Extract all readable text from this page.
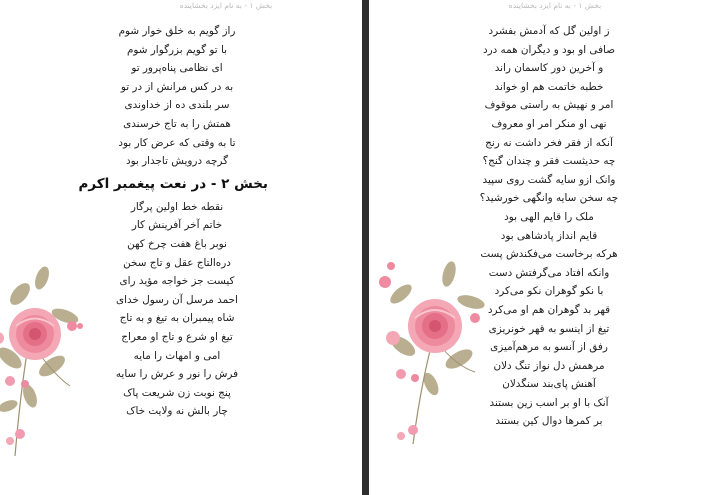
بخش ۱ - به نام ایزد بخشاینده
راز گویم به خلق خوار شوم
با تو گویم بزرگوار شوم
ای نظامی پناه‌پرور تو
به در کس مرانش از در تو
سر بلندی ده از خداوندی
همتش را به تاج خرسندی
تا به وقتی که عرض کار بود
گرچه درویش تاجدار بود
بخش ۲ - در نعت پیغمبر اکرم
نقطه خط اولین پرگار
خاتم آخر آفرینش کار
نوبر باغ هفت چرخ کهن
دره‌التاج عقل و تاج سخن
کیست جز خواجه مؤید رای
احمد مرسل آن رسول خدای
شاه پیمبران به تیغ و به تاج
تیغ او شرع و تاج او معراج
امی و امهات را مایه
فرش را نور و عرش را سایه
پنج نوبت زن شریعت پاک
چار بالش نه ولایت خاک
بخش ۱ - به نام ایزد بخشاینده
ز اولین گل که آدمش بفشرد
صافی او بود و دیگران همه درد
و آخرین دور کاسمان راند
خطبه خاتمت هم او خواند
امر و نهیش به راستی موقوف
نهی او منکر امر او معروف
آنکه از فقر فخر داشت نه رنج
چه حدیثست فقر و چندان گنج؟
وانک ازو سایه گشت روی سپید
چه سخن سایه وانگهی خورشید؟
ملک را قایم الهی بود
قایم انداز پادشاهی بود
هرکه برخاست می‌فکندش پست
وانکه افتاد می‌گرفتش دست
با نکو گوهران نکو می‌کرد
قهر بد گوهران هم او می‌کرد
تیغ از اینسو به قهر خونریزی
رفق از آنسو به مرهم‌آمیزی
مرهمش دل نواز تنگ دلان
آهنش پای‌بند سنگدلان
آنک با او بر اسب زین بستند
بر کمرها دوال کین بستند
